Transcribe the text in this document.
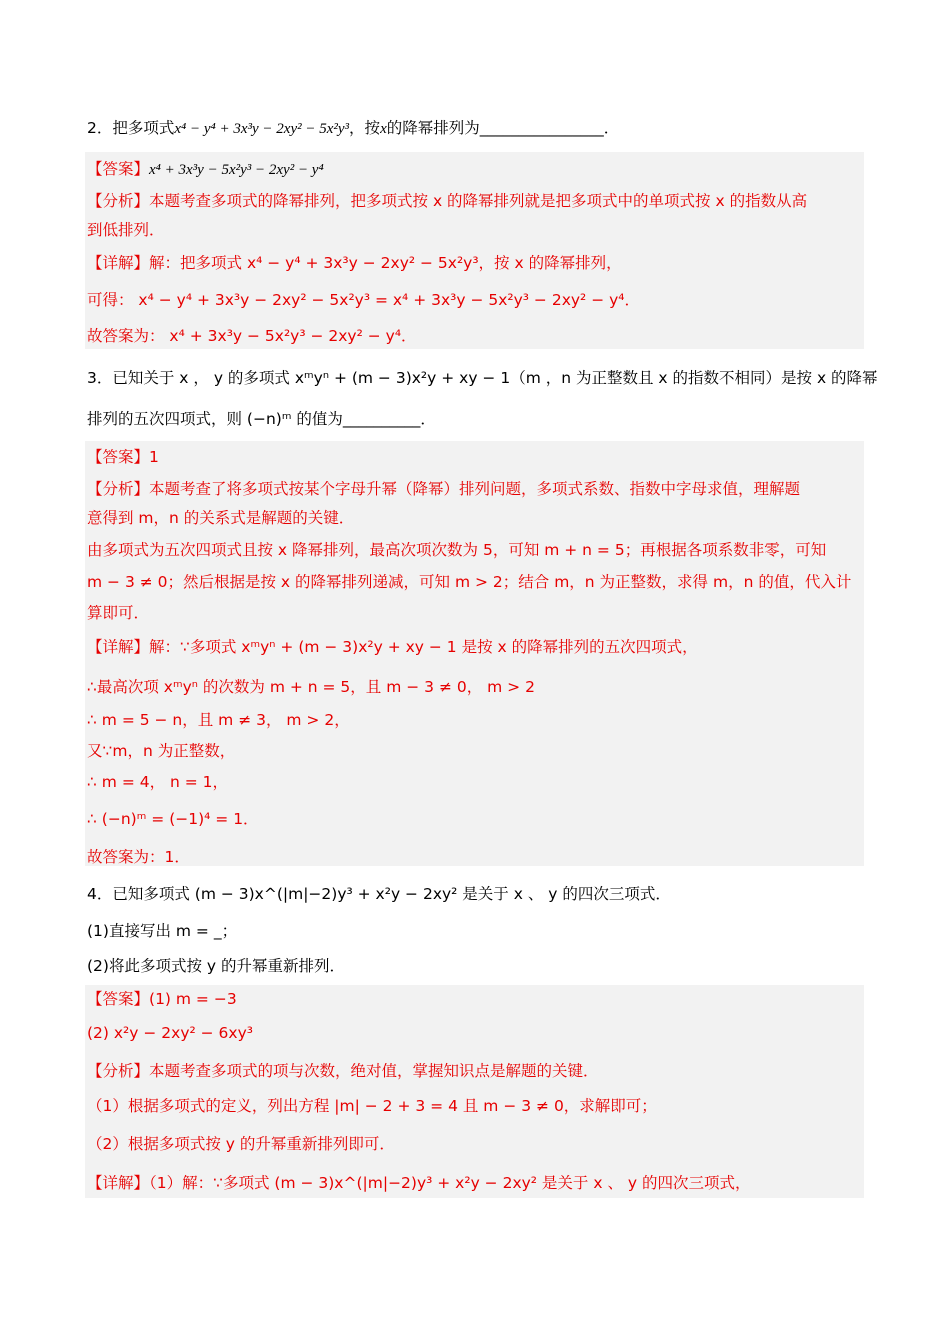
2．把多项式x⁴ − y⁴ + 3x³y − 2xy² − 5x²y³，按x的降幂排列为________________．
【答案】x⁴ + 3x³y − 5x²y³ − 2xy² − y⁴
【分析】本题考查多项式的降幂排列，把多项式按 x 的降幂排列就是把多项式中的单项式按 x 的指数从高
到低排列．
【详解】解：把多项式 x⁴ − y⁴ + 3x³y − 2xy² − 5x²y³，按 x 的降幂排列，
可得： x⁴ − y⁴ + 3x³y − 2xy² − 5x²y³ = x⁴ + 3x³y − 5x²y³ − 2xy² − y⁴．
故答案为： x⁴ + 3x³y − 5x²y³ − 2xy² − y⁴．
3．已知关于 x ， y 的多项式 xᵐyⁿ + (m − 3)x²y + xy − 1（m ，n 为正整数且 x 的指数不相同）是按 x 的降幂
排列的五次四项式，则 (−n)ᵐ 的值为__________．
【答案】1
【分析】本题考查了将多项式按某个字母升幂（降幂）排列问题，多项式系数、指数中字母求值，理解题
意得到 m，n 的关系式是解题的关键．
由多项式为五次四项式且按 x 降幂排列，最高次项次数为 5，可知 m + n = 5；再根据各项系数非零，可知
m − 3 ≠ 0；然后根据是按 x 的降幂排列递减，可知 m > 2；结合 m，n 为正整数，求得 m，n 的值，代入计
算即可．
【详解】解：∵多项式 xᵐyⁿ + (m − 3)x²y + xy − 1 是按 x 的降幂排列的五次四项式，
∴最高次项 xᵐyⁿ 的次数为 m + n = 5，且 m − 3 ≠ 0， m > 2
∴ m = 5 − n，且 m ≠ 3， m > 2，
又∵m，n 为正整数，
∴ m = 4， n = 1，
∴ (−n)ᵐ = (−1)⁴ = 1．
故答案为：1．
4．已知多项式 (m − 3)x^(|m|−2)y³ + x²y − 2xy² 是关于 x 、 y 的四次三项式．
(1)直接写出 m = _；
(2)将此多项式按 y 的升幂重新排列．
【答案】(1) m = −3
(2) x²y − 2xy² − 6xy³
【分析】本题考查多项式的项与次数，绝对值，掌握知识点是解题的关键．
（1）根据多项式的定义，列出方程 |m| − 2 + 3 = 4 且 m − 3 ≠ 0，求解即可；
（2）根据多项式按 y 的升幂重新排列即可．
【详解】（1）解：∵多项式 (m − 3)x^(|m|−2)y³ + x²y − 2xy² 是关于 x 、 y 的四次三项式，
